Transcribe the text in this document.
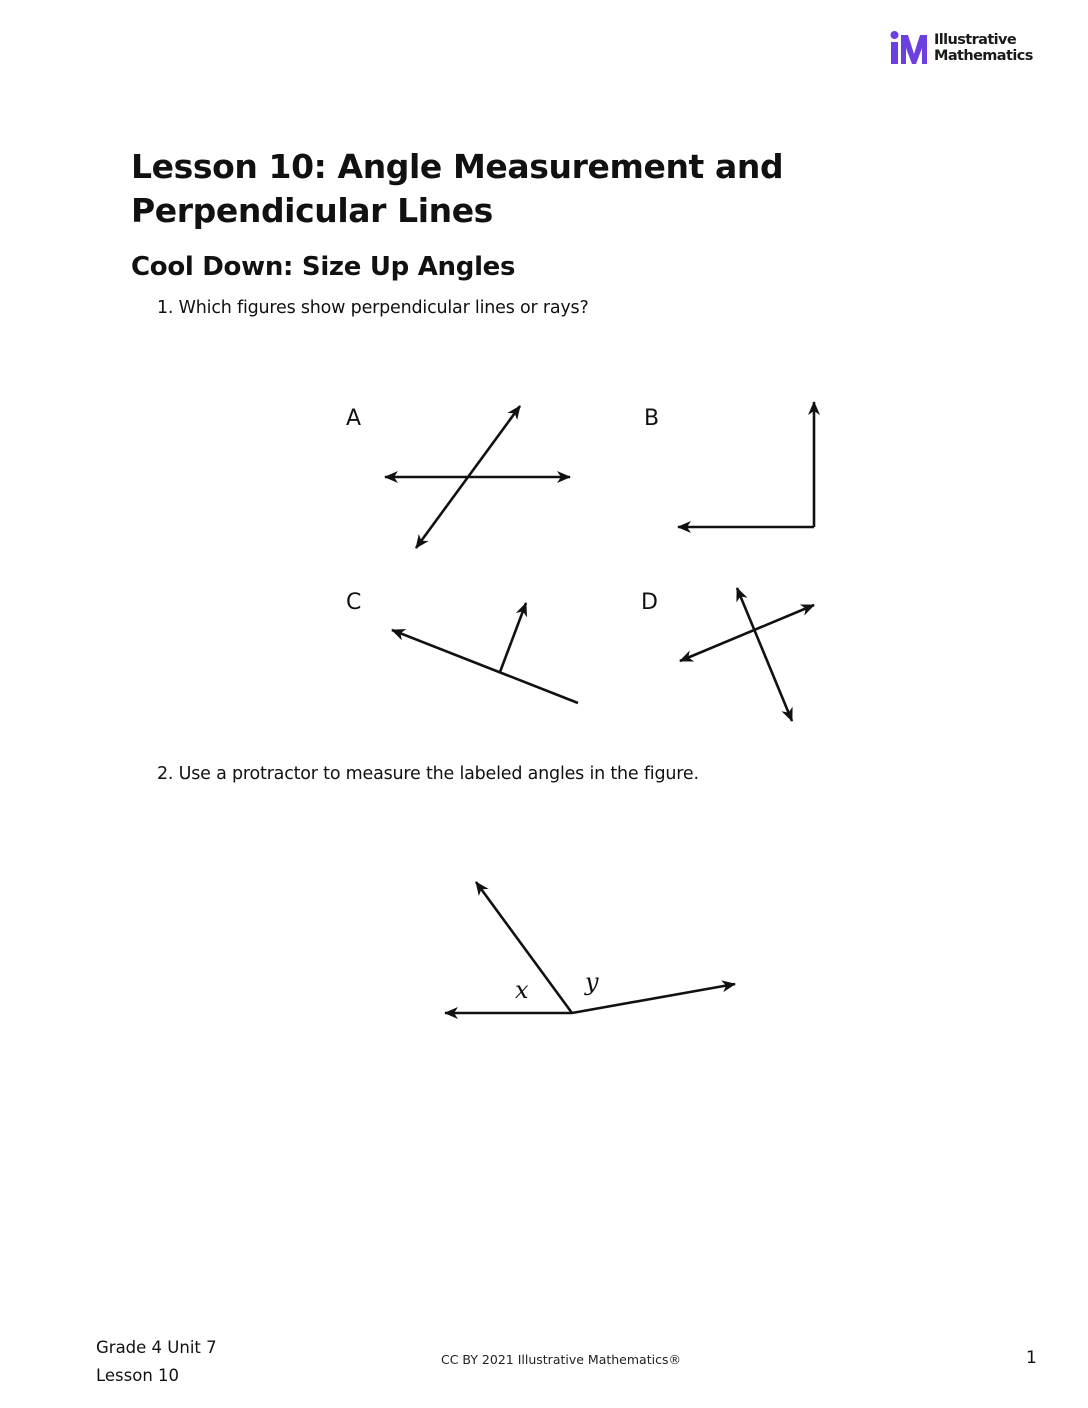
Illustrative
Mathematics
Lesson 10: Angle Measurement and Perpendicular Lines
Cool Down: Size Up Angles
1. Which figures show perpendicular lines or rays?
A	B
C	D
2. Use a protractor to measure the labeled angles in the figure.
x y
Grade 4 Unit 7
Lesson 10
CC BY 2021 Illustrative Mathematics®	1
